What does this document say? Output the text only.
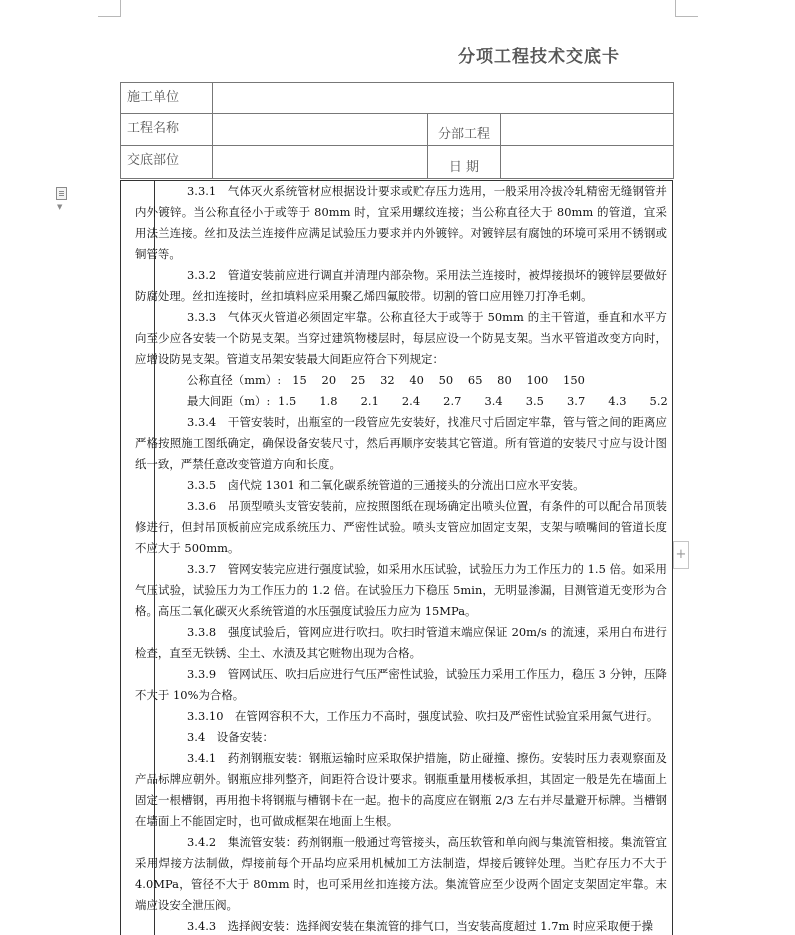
分项工程技术交底卡
施工单位			
工程名称		分部工程	
交底部位		日 期	
▼

3.3.1　气体灭火系统管材应根据设计要求或贮存压力选用，一般采用冷拔冷轧精密无缝钢管并内外镀锌。当公称直径小于或等于 80mm 时，宜采用螺纹连接；当公称直径大于 80mm 的管道，宜采用法兰连接。丝扣及法兰连接件应满足试验压力要求并内外镀锌。对镀锌层有腐蚀的环境可采用不锈钢或铜管等。

3.3.2　管道安装前应进行调直并清理内部杂物。采用法兰连接时，被焊接损坏的镀锌层要做好防腐处理。丝扣连接时，丝扣填料应采用聚乙烯四氟胶带。切割的管口应用锉刀打净毛刺。

3.3.3　气体灭火管道必须固定牢靠。公称直径大于或等于 50mm 的主干管道，垂直和水平方向至少应各安装一个防晃支架。当穿过建筑物楼层时，每层应设一个防晃支架。当水平管道改变方向时，应增设防晃支架。管道支吊架安装最大间距应符合下列规定：

公称直径（mm）:   15    20    25    32    40    50    65    80    100    150

最大间距（m）: 1.5   1.8   2.1   2.4   2.7   3.4   3.5   3.7   4.3   5.2

3.3.4　干管安装时，出瓶室的一段管应先安装好，找准尺寸后固定牢靠，管与管之间的距离应严格按照施工图纸确定，确保设备安装尺寸，然后再顺序安装其它管道。所有管道的安装尺寸应与设计图纸一致，严禁任意改变管道方向和长度。

3.3.5　卤代烷 1301 和二氧化碳系统管道的三通接头的分流出口应水平安装。

3.3.6　吊顶型喷头支管安装前，应按照图纸在现场确定出喷头位置，有条件的可以配合吊顶装修进行，但封吊顶板前应完成系统压力、严密性试验。喷头支管应加固定支架，支架与喷嘴间的管道长度不应大于 500mm。

3.3.7　管网安装完应进行强度试验，如采用水压试验，试验压力为工作压力的 1.5 倍。如采用气压试验，试验压力为工作压力的 1.2 倍。在试验压力下稳压 5min，无明显渗漏，目测管道无变形为合格。高压二氧化碳灭火系统管道的水压强度试验压力应为 15MPa。

3.3.8　强度试验后，管网应进行吹扫。吹扫时管道末端应保证 20m/s 的流速，采用白布进行检查，直至无铁锈、尘土、水渍及其它赃物出现为合格。

3.3.9　管网试压、吹扫后应进行气压严密性试验，试验压力采用工作压力，稳压 3 分钟，压降不大于 10%为合格。

3.3.10　在管网容积不大，工作压力不高时，强度试验、吹扫及严密性试验宜采用氮气进行。

3.4　设备安装：

3.4.1　药剂钢瓶安装：钢瓶运输时应采取保护措施，防止碰撞、擦伤。安装时压力表观察面及产品标牌应朝外。钢瓶应排列整齐，间距符合设计要求。钢瓶重量用楼板承担，其固定一般是先在墙面上固定一根槽钢，再用抱卡将钢瓶与槽钢卡在一起。抱卡的高度应在钢瓶 2/3 左右并尽量避开标牌。当槽钢在墙面上不能固定时，也可做成框架在地面上生根。

3.4.2　集流管安装：药剂钢瓶一般通过弯管接头，高压软管和单向阀与集流管相接。集流管宜采用焊接方法制做，焊接前每个开品均应采用机械加工方法制造，焊接后镀锌处理。当贮存压力不大于 4.0MPa，管径不大于 80mm 时，也可采用丝扣连接方法。集流管应至少设两个固定支架固定牢靠。末端应设安全泄压阀。

3.4.3　选择阀安装：选择阀安装在集流管的排气口，当安装高度超过 1.7m 时应采取便于操

+
